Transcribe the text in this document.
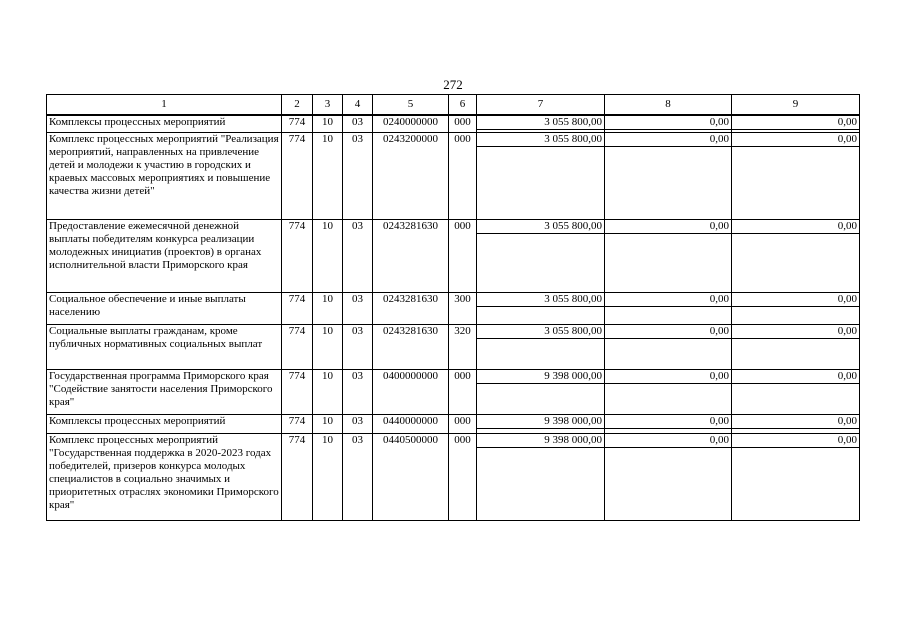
272
1	2	3	4	5	6	7	8	9
Комплексы процессных мероприятий	774	10	03	0240000000	000	3 055 800,00	0,00	0,00

Комплекс процессных мероприятий "Реализация мероприятий, направленных на привлечение детей и молодежи к участию в городских и краевых массовых мероприятиях и повышение качества жизни детей"	774	10	03	0243200000	000	3 055 800,00	0,00	0,00

Предоставление ежемесячной денежной выплаты победителям конкурса реализации молодежных инициатив (проектов) в органах исполнительной власти Приморского края	774	10	03	0243281630	000	3 055 800,00	0,00	0,00

Социальное обеспечение и иные выплаты населению	774	10	03	0243281630	300	3 055 800,00	0,00	0,00

Социальные выплаты гражданам, кроме публичных нормативных социальных выплат	774	10	03	0243281630	320	3 055 800,00	0,00	0,00

Государственная программа Приморского края "Содействие занятости населения Приморского края"	774	10	03	0400000000	000	9 398 000,00	0,00	0,00

Комплексы процессных мероприятий	774	10	03	0440000000	000	9 398 000,00	0,00	0,00

Комплекс процессных мероприятий "Государственная поддержка в 2020-2023 годах победителей, призеров конкурса молодых специалистов в социально значимых и приоритетных отраслях экономики Приморского края"	774	10	03	0440500000	000	9 398 000,00	0,00	0,00
